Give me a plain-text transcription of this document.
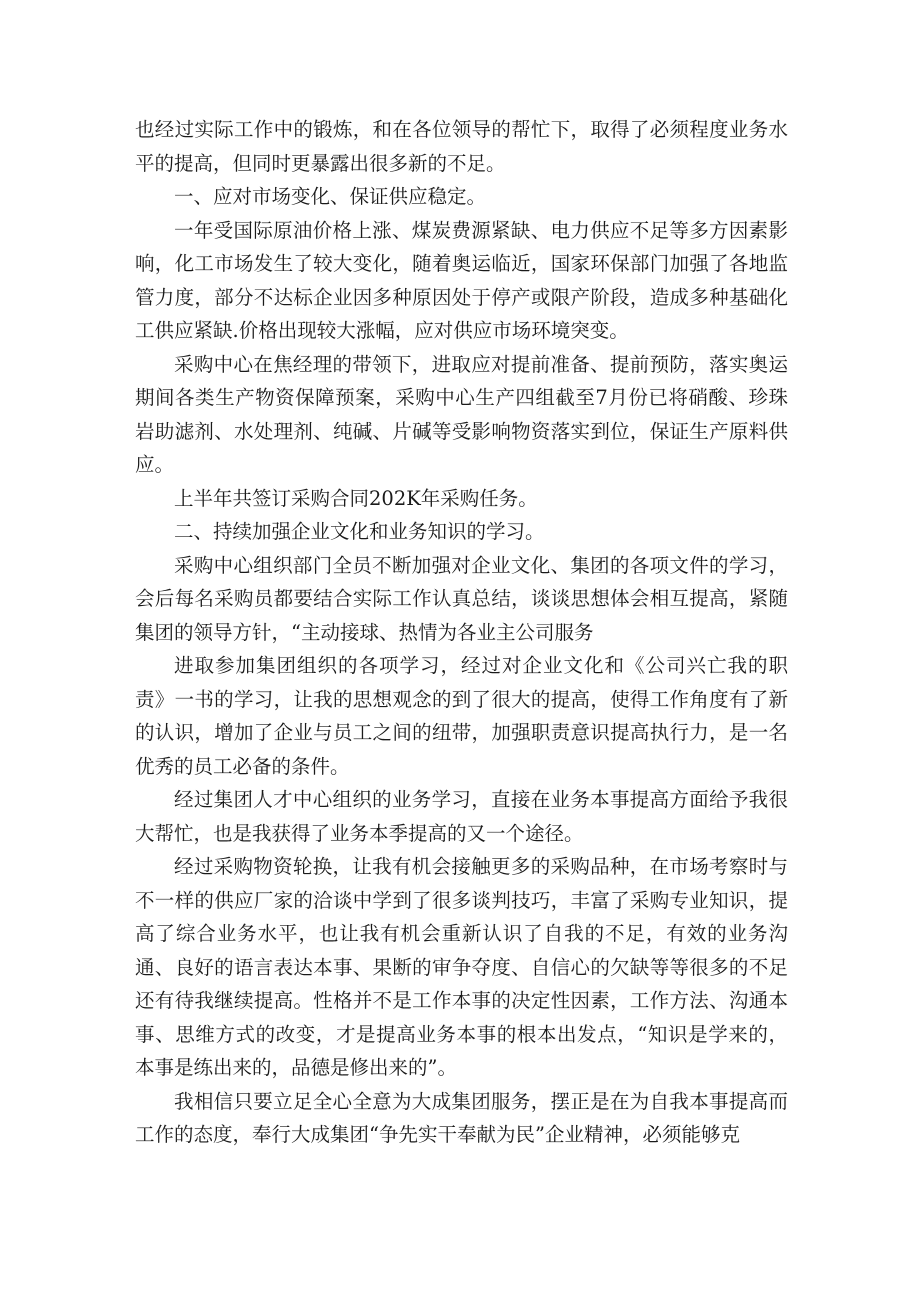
也经过实际工作中的锻炼，和在各位领导的帮忙下，取得了必须程度业务水平的提高，但同时更暴露出很多新的不足。

一、应对市场变化、保证供应稳定。

一年受国际原油价格上涨、煤炭费源紧缺、电力供应不足等多方因素影响，化工市场发生了较大变化，随着奥运临近，国家环保部门加强了各地监管力度，部分不达标企业因多种原因处于停产或限产阶段，造成多种基础化工供应紧缺.价格出现较大涨幅，应对供应市场环境突变。

采购中心在焦经理的带领下，进取应对提前准备、提前预防，落实奥运期间各类生产物资保障预案，采购中心生产四组截至7月份已将硝酸、珍珠岩助滤剂、水处理剂、纯碱、片碱等受影响物资落实到位，保证生产原料供应。

上半年共签订采购合同202K年采购任务。

二、持续加强企业文化和业务知识的学习。

采购中心组织部门全员不断加强对企业文化、集团的各项文件的学习，会后每名采购员都要结合实际工作认真总结，谈谈思想体会相互提高，紧随集团的领导方针，“主动接球、热情为各业主公司服务

进取参加集团组织的各项学习，经过对企业文化和《公司兴亡我的职责》一书的学习，让我的思想观念的到了很大的提高，使得工作角度有了新的认识，增加了企业与员工之间的纽带，加强职责意识提高执行力，是一名优秀的员工必备的条件。

经过集团人才中心组织的业务学习，直接在业务本事提高方面给予我很大帮忙，也是我获得了业务本季提高的又一个途径。

经过采购物资轮换，让我有机会接触更多的采购品种，在市场考察时与不一样的供应厂家的洽谈中学到了很多谈判技巧，丰富了采购专业知识，提高了综合业务水平，也让我有机会重新认识了自我的不足，有效的业务沟通、良好的语言表达本事、果断的审争夺度、自信心的欠缺等等很多的不足还有待我继续提高。性格并不是工作本事的决定性因素，工作方法、沟通本事、思维方式的改变，才是提高业务本事的根本出发点，“知识是学来的，本事是练出来的，品德是修出来的”。

我相信只要立足全心全意为大成集团服务，摆正是在为自我本事提高而工作的态度，奉行大成集团“争先实干奉献为民”企业精神，必须能够克
